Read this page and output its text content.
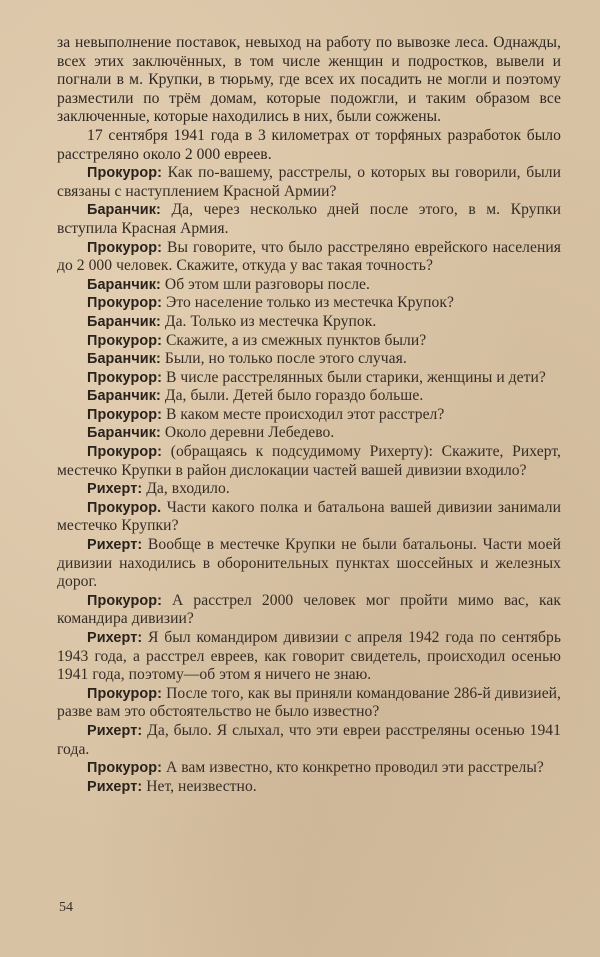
за невыполнение поставок, невыход на работу по вывозке леса. Однажды, всех этих заключённых, в том числе женщин и подростков, вывели и погнали в м. Крупки, в тюрьму, где всех их посадить не могли и поэтому разместили по трём домам, которые подожгли, и таким образом все заключенные, которые находились в них, были сожжены.

17 сентября 1941 года в 3 километрах от торфяных разработок было расстреляно около 2 000 евреев.

Прокурор: Как по-вашему, расстрелы, о которых вы говорили, были связаны с наступлением Красной Армии?

Баранчик: Да, через несколько дней после этого, в м. Крупки вступила Красная Армия.

Прокурор: Вы говорите, что было расстреляно еврейского населения до 2 000 человек. Скажите, откуда у вас такая точность?

Баранчик: Об этом шли разговоры после.

Прокурор: Это население только из местечка Крупок?

Баранчик: Да. Только из местечка Крупок.

Прокурор: Скажите, а из смежных пунктов были?

Баранчик: Были, но только после этого случая.

Прокурор: В числе расстрелянных были старики, женщины и дети?

Баранчик: Да, были. Детей было гораздо больше.

Прокурор: В каком месте происходил этот расстрел?

Баранчик: Около деревни Лебедево.

Прокурор: (обращаясь к подсудимому Рихерту): Скажите, Рихерт, местечко Крупки в район дислокации частей вашей дивизии входило?

Рихерт: Да, входило.

Прокурор. Части какого полка и батальона вашей дивизии занимали местечко Крупки?

Рихерт: Вообще в местечке Крупки не были батальоны. Части моей дивизии находились в оборонительных пунктах шоссейных и железных дорог.

Прокурор: А расстрел 2000 человек мог пройти мимо вас, как командира дивизии?

Рихерт: Я был командиром дивизии с апреля 1942 года по сентябрь 1943 года, а расстрел евреев, как говорит свидетель, происходил осенью 1941 года, поэтому—об этом я ничего не знаю.

Прокурор: После того, как вы приняли командование 286-й дивизией, разве вам это обстоятельство не было известно?

Рихерт: Да, было. Я слыхал, что эти евреи расстреляны осенью 1941 года.

Прокурор: А вам известно, кто конкретно проводил эти расстрелы?

Рихерт: Нет, неизвестно.

54
